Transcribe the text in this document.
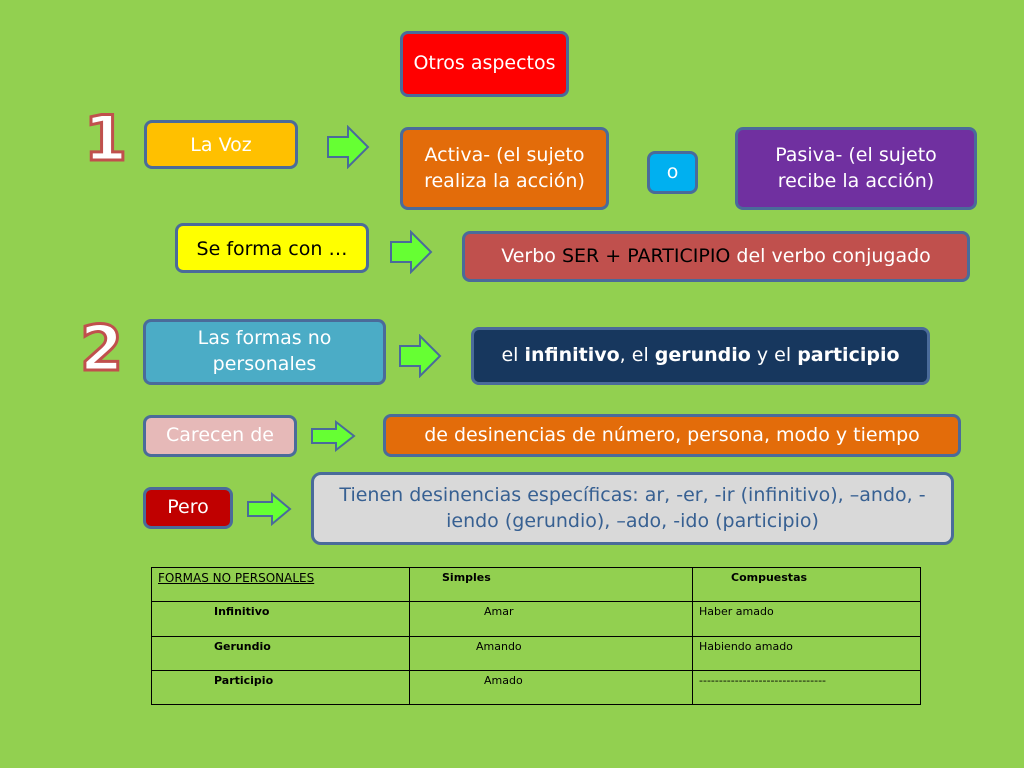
1
2
Otros aspectos
La Voz	Activa- (el sujeto realiza la acción)	o
Pasiva- (el sujeto recibe la acción)
Se forma con …	Verbo SER + PARTICIPIO del verbo conjugado
Las formas no personales	el infinitivo , el gerundio y el participio
Carecen de	de desinencias de número, persona, modo y tiempo
Pero
Tienen desinencias específicas: ar, -er, -ir (infinitivo), –ando, -iendo (gerundio), –ado, -ido (participio)
FORMAS NO PERSONALES	Simples	Compuestas
Infinitivo	Amar	Haber amado
Gerundio	Amando	Habiendo amado
Participio	Amado	--------------------------------
